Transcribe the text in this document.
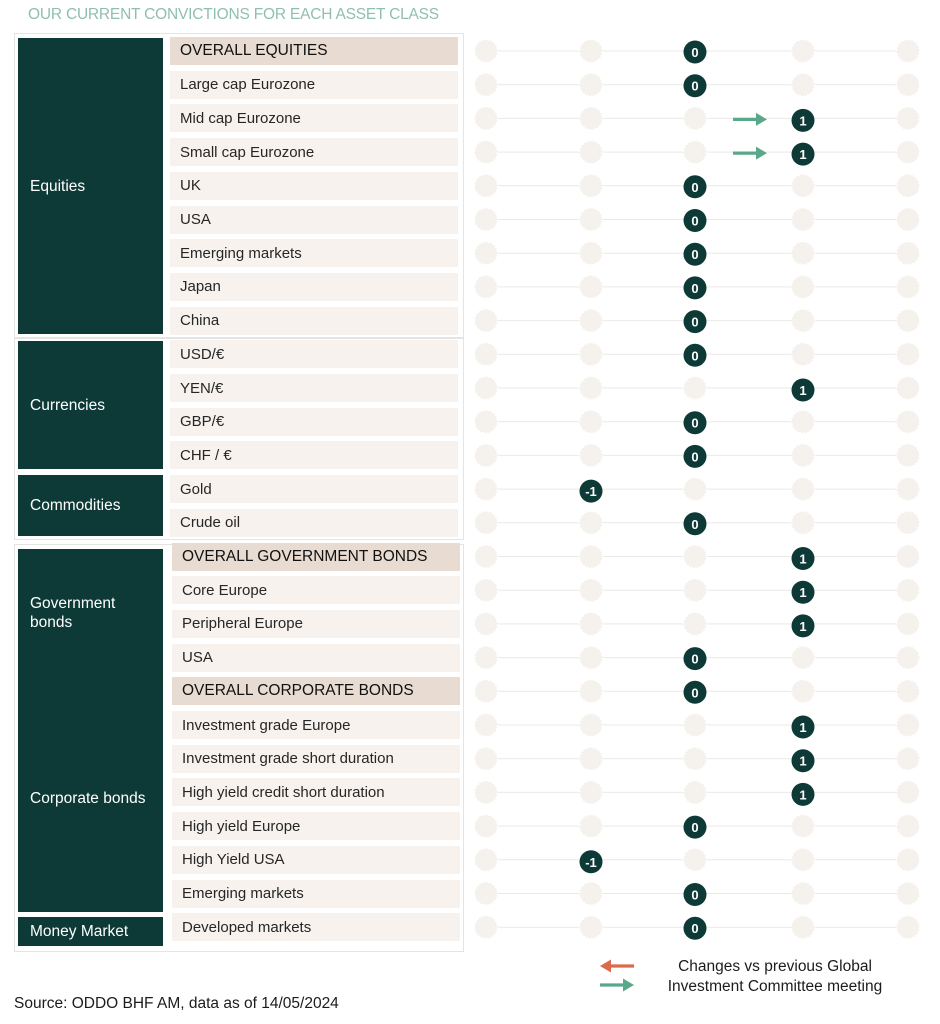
OUR CURRENT CONVICTIONS FOR EACH ASSET CLASS
Equities
Currencies
Commodities
Government bonds
Corporate bonds
Money Market
OVERALL EQUITIES
Large cap Eurozone
Mid cap Eurozone
Small cap Eurozone
UK
USA
Emerging markets
Japan
China
USD/€
YEN/€
GBP/€
CHF / €
Gold
Crude oil
OVERALL GOVERNMENT BONDS
Core Europe
Peripheral Europe
USA
OVERALL CORPORATE BONDS
Investment grade Europe
Investment grade short duration
High yield credit short duration
High yield Europe
High Yield USA
Emerging markets
Developed markets
0
0
1
1
0
0
0
0
0
0
1
0
0
-1
0
1
1
1
0
0
1
1
1
0
-1
0
0
Changes vs previous Global Investment Committee meeting
Source: ODDO BHF AM, data as of 14/05/2024
